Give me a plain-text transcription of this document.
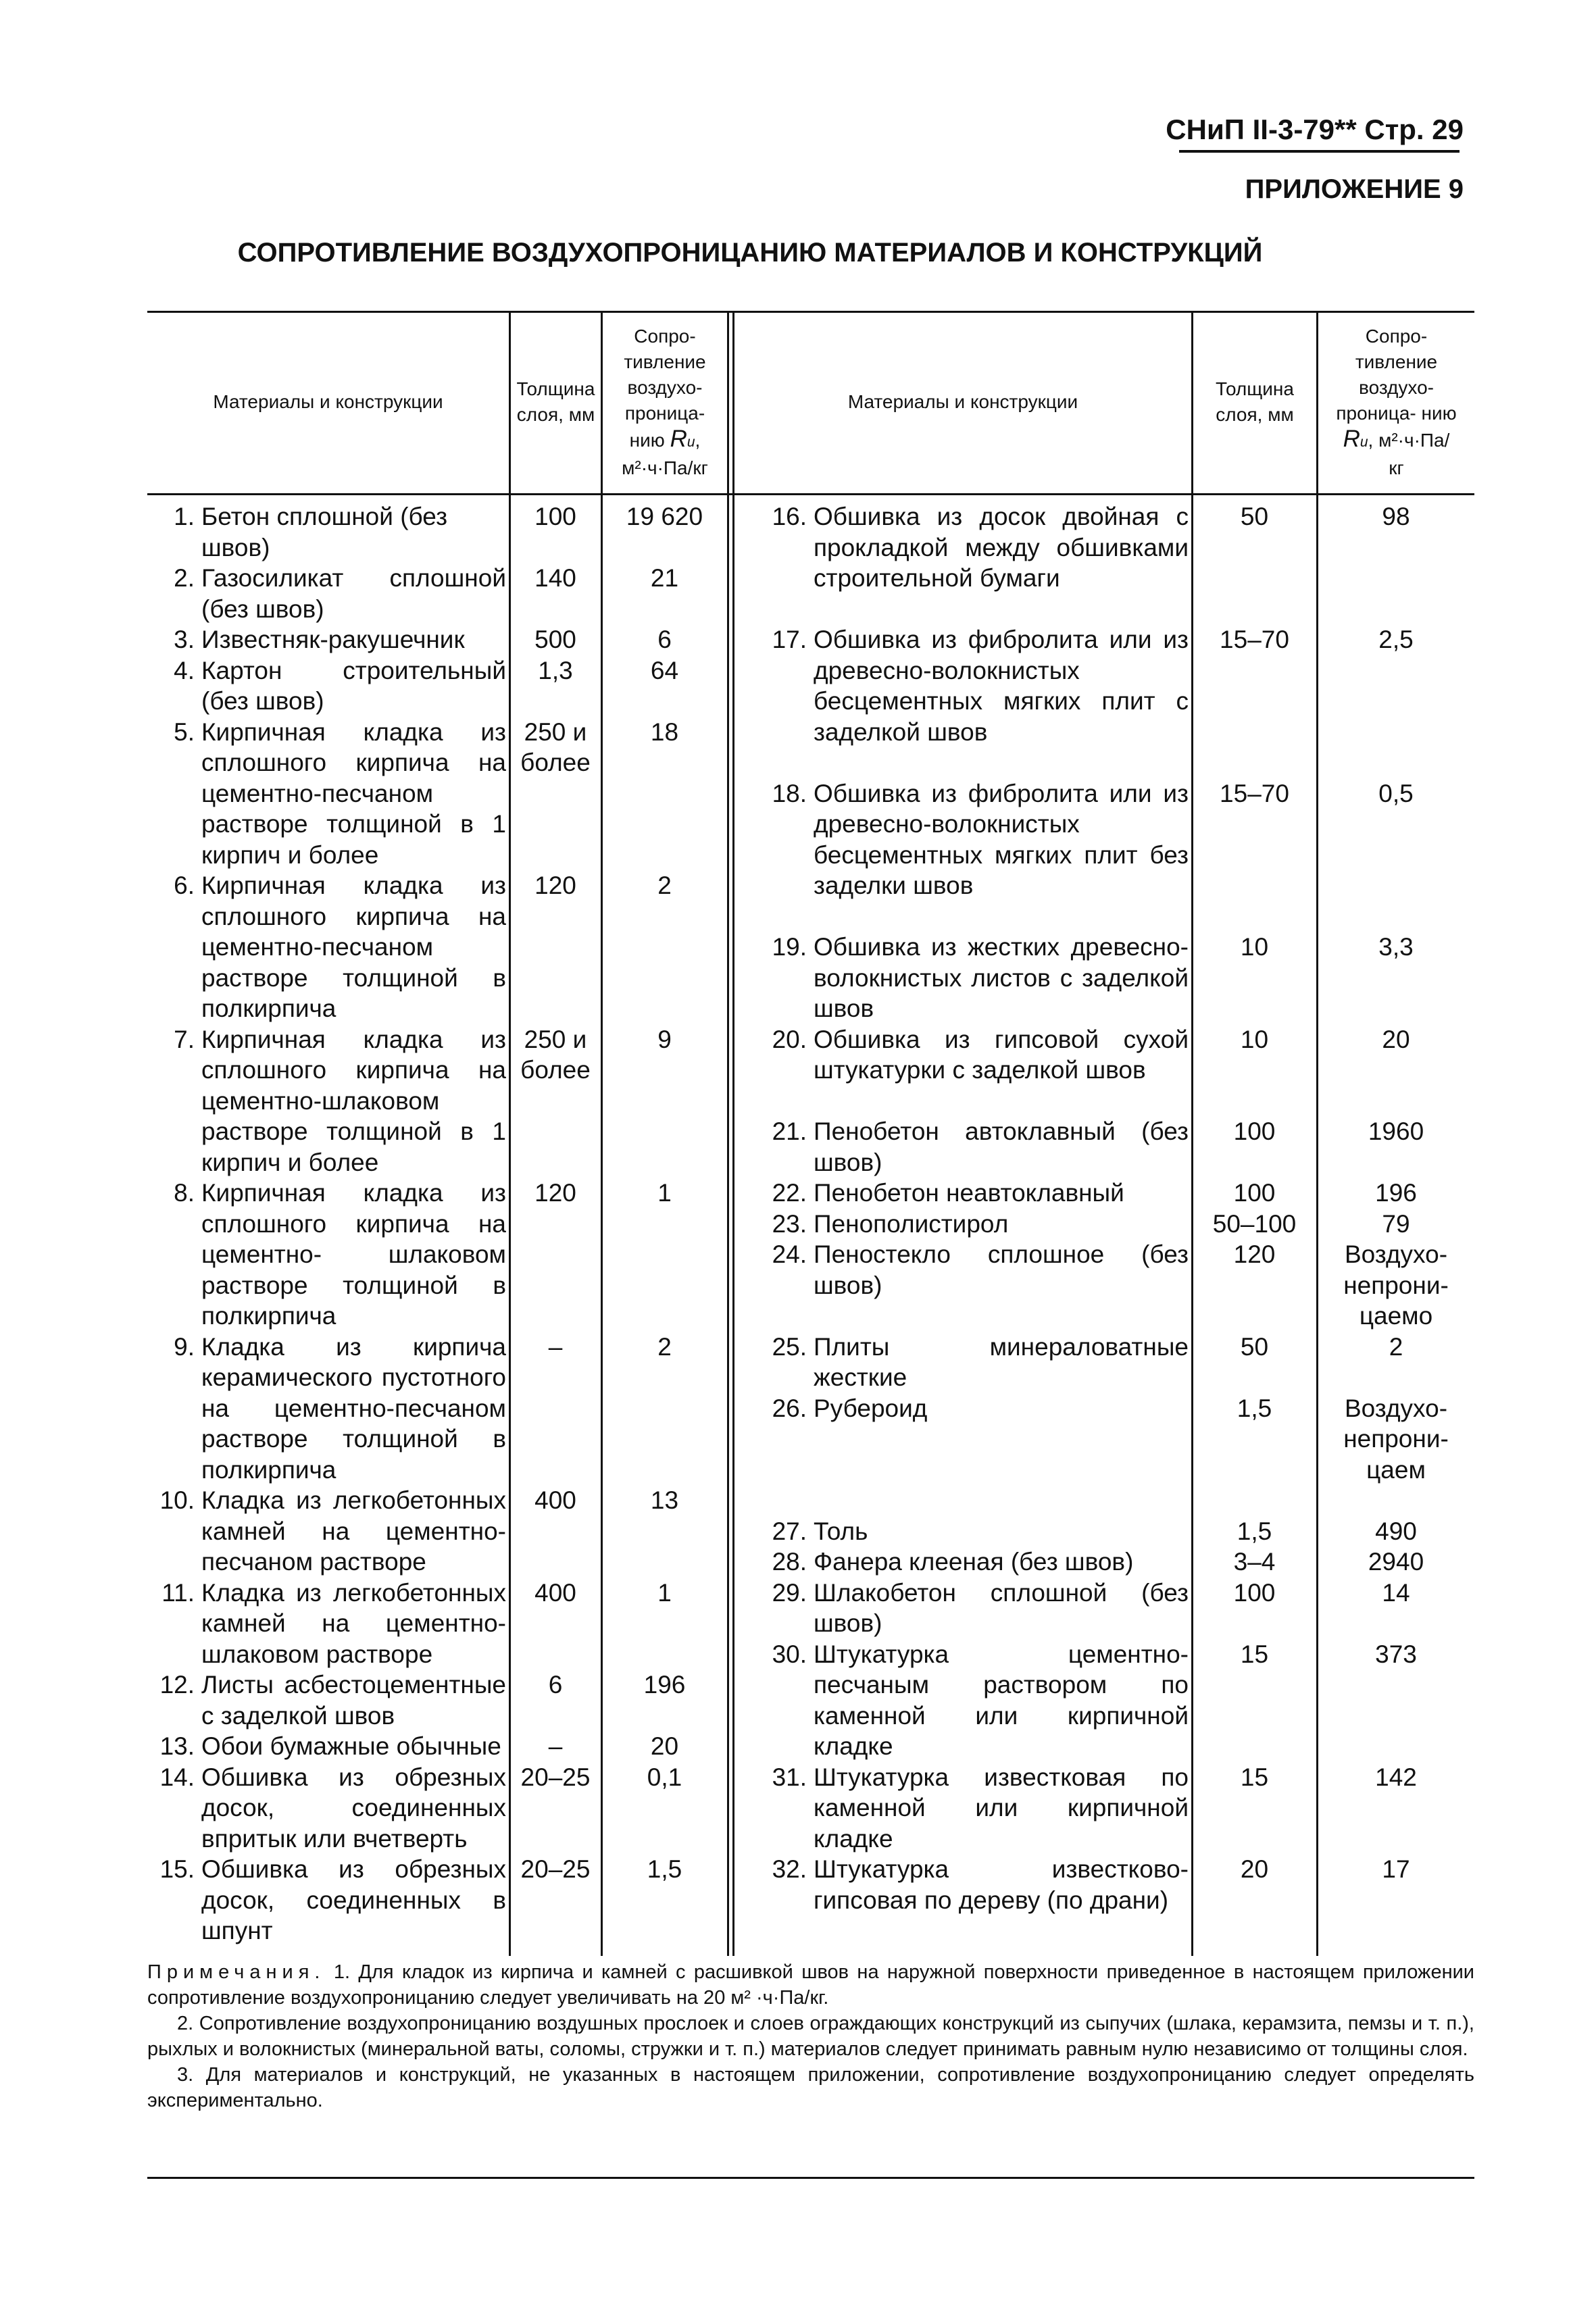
СНиП II-3-79** Стр. 29
ПРИЛОЖЕНИЕ 9
СОПРОТИВЛЕНИЕ ВОЗДУХОПРОНИЦАНИЮ МАТЕРИАЛОВ И КОНСТРУКЦИЙ
Материалы и конструкции
Толщина слоя, мм
Сопро- тивление воздухо- проница- нию Rи, м²·ч·Па/кг
Материалы и конструкции
Толщина слоя, мм
Сопро- тивление воздухо- проница- нию Rи, м²·ч·Па/кг
1. Бетон сплошной (без швов)
100	19 620
2. Газосиликат сплошной (без швов)
140	21
3. Известняк-ракушечник	500	6
4. Картон строительный (без швов)
1,3	64
5. Кирпичная кладка из сплошного кирпича на цементно-песчаном растворе толщиной в 1 кирпич и более
250 и более
18
6. Кирпичная кладка из сплошного кирпича на цементно-песчаном растворе толщиной в полкирпича
120	2
7. Кирпичная кладка из сплошного кирпича на цементно-шлаковом растворе толщиной в 1 кирпич и более
250 и более
9
8. Кирпичная кладка из сплошного кирпича на цементно- шлаковом растворе толщиной в полкирпича
120	1
9. Кладка из кирпича керамического пустотного на цементно-песчаном растворе толщиной в полкирпича
–	2
10. Кладка из легкобетонных камней на цементно-песчаном растворе
400	13
11. Кладка из легкобетонных камней на цементно-шлаковом растворе
400	1
12. Листы асбестоцементные с заделкой швов
6	196
13. Обои бумажные обычные	–	20
14. Обшивка из обрезных досок, соединенных впритык или вчетверть
20–25	0,1
15. Обшивка из обрезных досок, соединенных в шпунт
20–25	1,5
16. Обшивка из досок двойная с прокладкой между обшивками строительной бумаги
50	98
17. Обшивка из фибролита или из древесно-волокнистых бесцементных мягких плит с заделкой швов
15–70	2,5
18. Обшивка из фибролита или из древесно-волокнистых бесцементных мягких плит без заделки швов
15–70	0,5
19. Обшивка из жестких древесно-волокнистых листов с заделкой швов
10	3,3
20. Обшивка из гипсовой сухой штукатурки с заделкой швов
10	20
21. Пенобетон автоклавный (без швов)
100	1960
22. Пенобетон неавтоклавный	100	196
23. Пенополистирол	50–100	79
24. Пеностекло сплошное (без швов)
120	Воздухо- непрони- цаемо
25. Плиты минераловатные жесткие
50	2
26. Рубероид	1,5	Воздухо- непрони- цаем
27. Толь	1,5	490
28. Фанера клееная (без швов)	3–4	2940
29. Шлакобетон сплошной (без швов)
100	14
30. Штукатурка цементно-песчаным раствором по каменной или кирпичной кладке
15	373
31. Штукатурка известковая по каменной или кирпичной кладке
15	142
32. Штукатурка известково-гипсовая по дереву (по драни)
20	17

Примечания. 1. Для кладок из кирпича и камней с расшивкой швов на наружной поверхности приведенное в настоящем приложении сопротивление воздухопроницанию следует увеличивать на 20 м² ·ч·Па/кг.

2. Сопротивление воздухопроницанию воздушных прослоек и слоев ограждающих конструкций из сыпучих (шлака, керамзита, пемзы и т. п.), рыхлых и волокнистых (минеральной ваты, соломы, стружки и т. п.) материалов следует принимать равным нулю независимо от толщины слоя.

3. Для материалов и конструкций, не указанных в настоящем приложении, сопротивление воздухопроницанию следует определять экспериментально.
